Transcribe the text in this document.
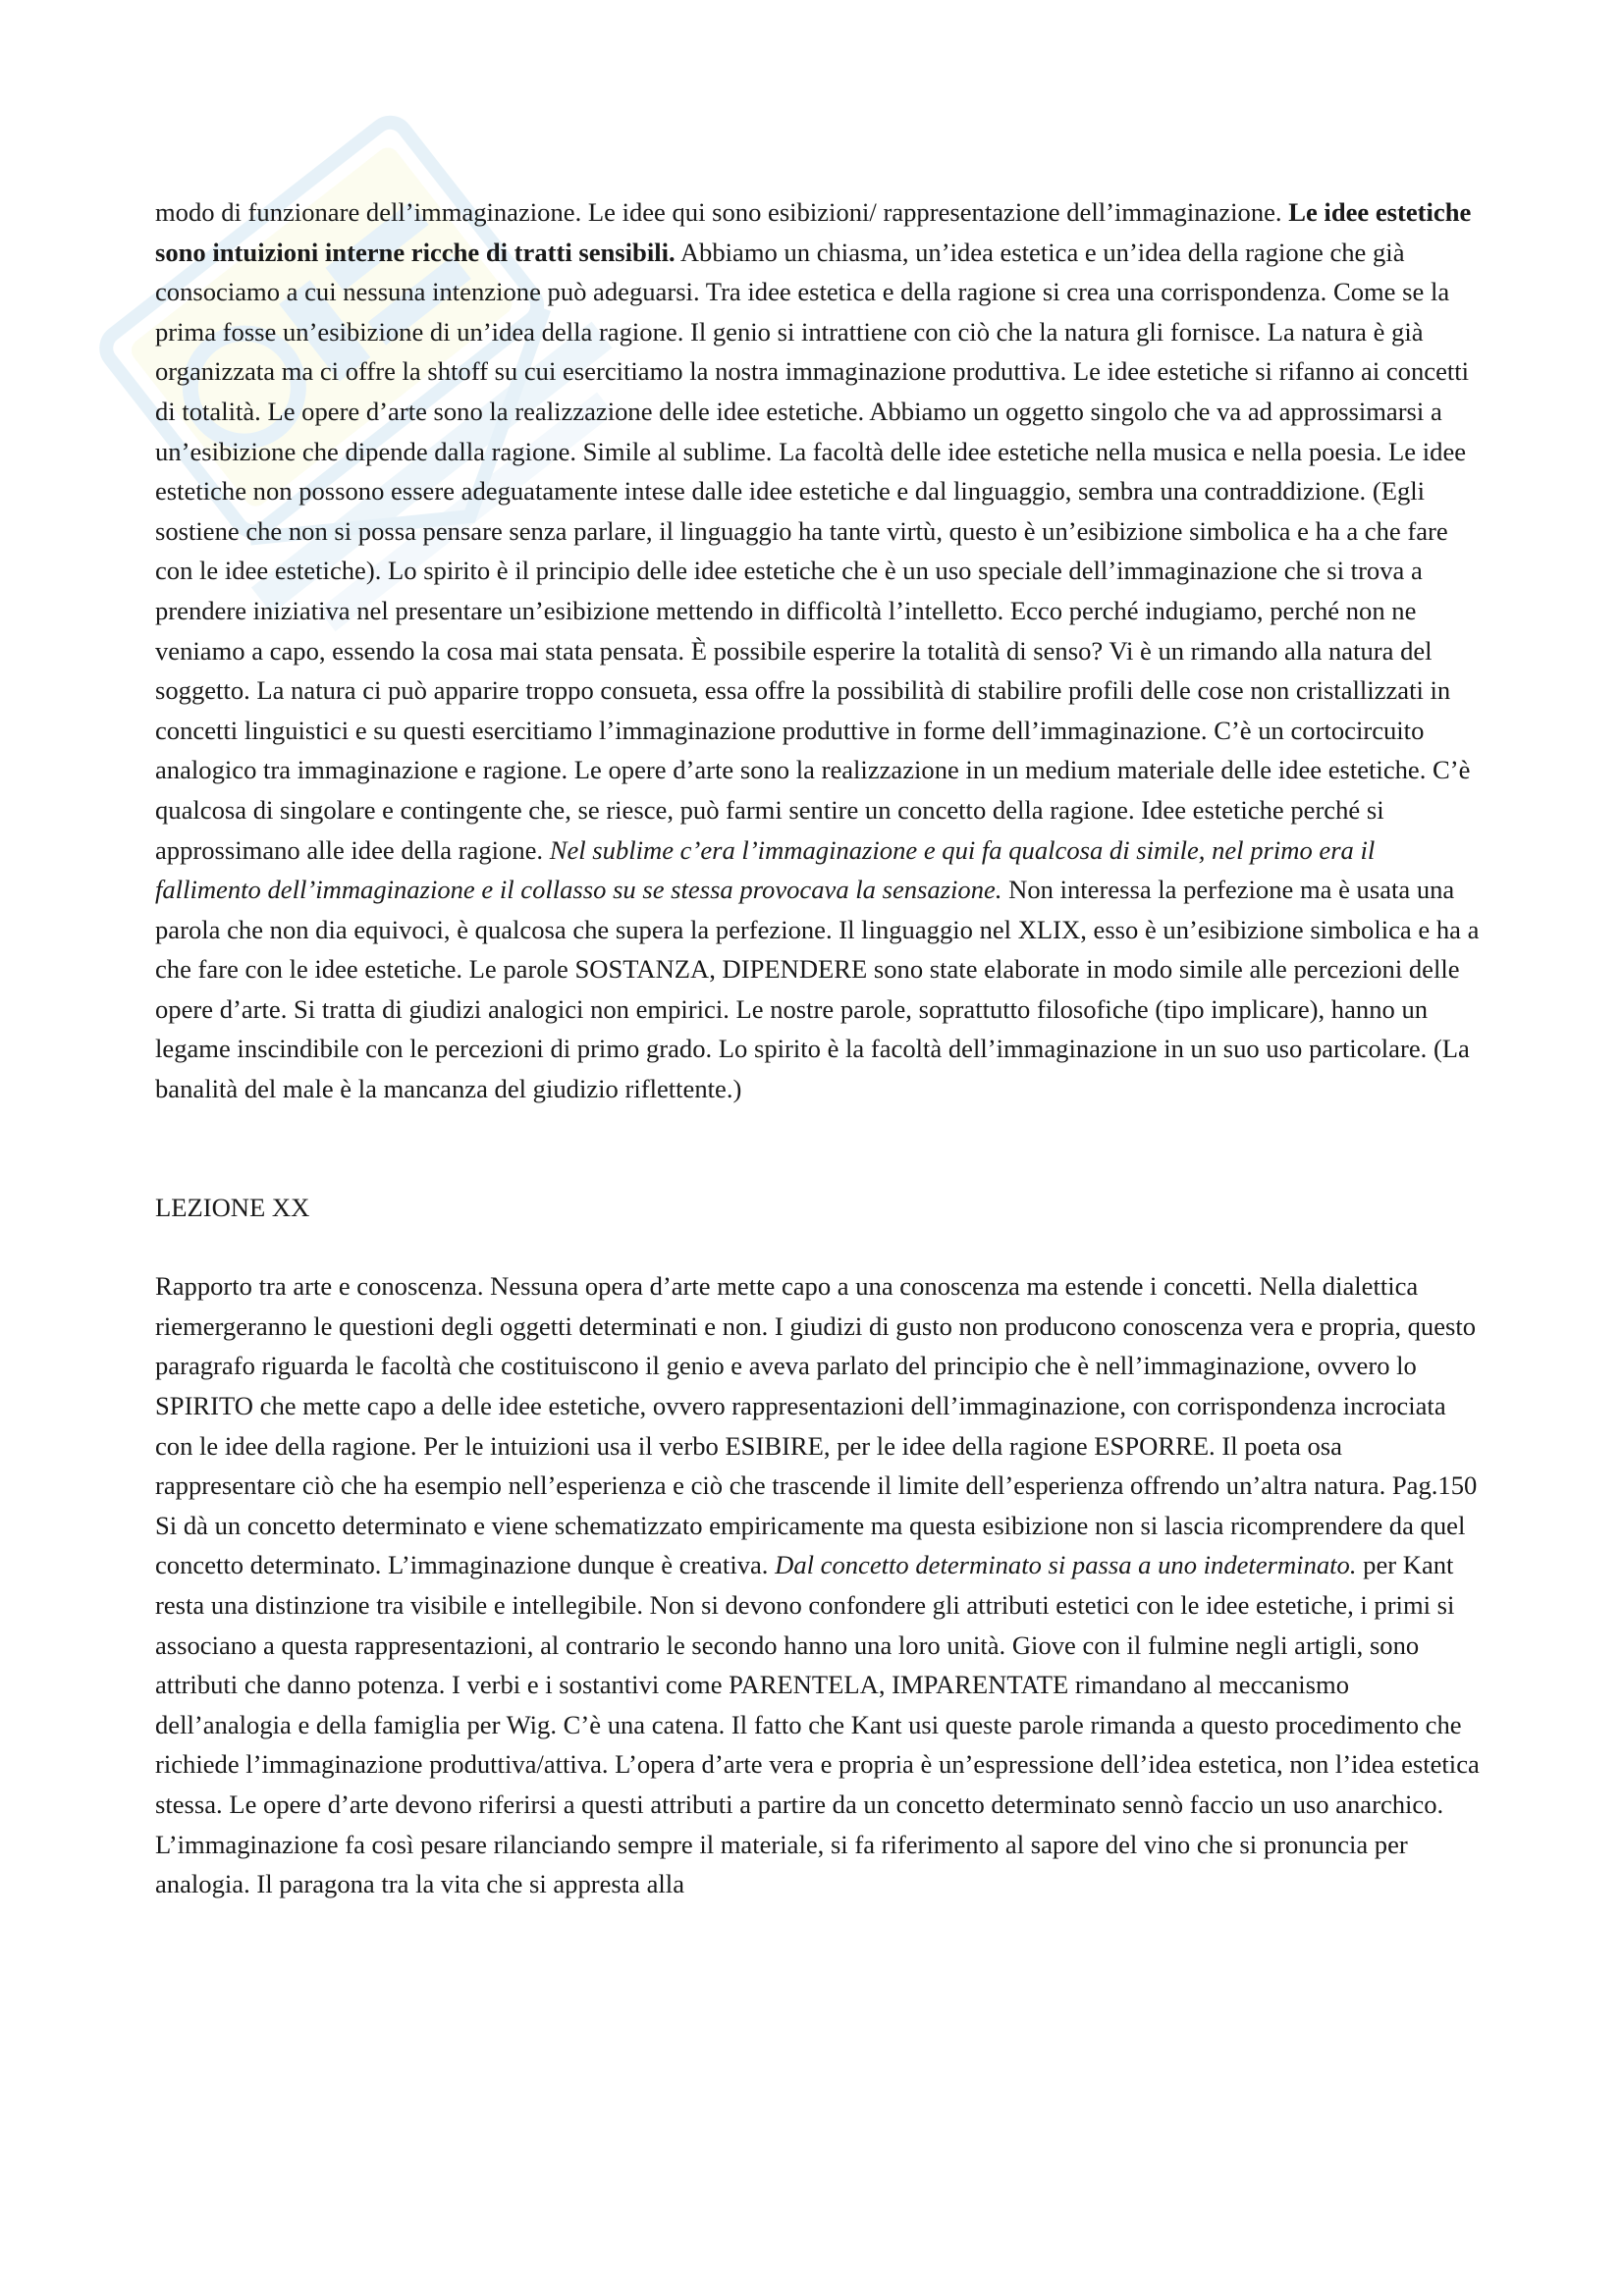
modo di funzionare dell’immaginazione. Le idee qui sono esibizioni/ rappresentazione dell’immaginazione. Le idee estetiche sono intuizioni interne ricche di tratti sensibili. Abbiamo un chiasma, un’idea estetica e un’idea della ragione che già consociamo a cui nessuna intenzione può adeguarsi. Tra idee estetica e della ragione si crea una corrispondenza. Come se la prima fosse un’esibizione di un’idea della ragione. Il genio si intrattiene con ciò che la natura gli fornisce. La natura è già organizzata ma ci offre la shtoff su cui esercitiamo la nostra immaginazione produttiva. Le idee estetiche si rifanno ai concetti di totalità. Le opere d’arte sono la realizzazione delle idee estetiche. Abbiamo un oggetto singolo che va ad approssimarsi a un’esibizione che dipende dalla ragione. Simile al sublime. La facoltà delle idee estetiche nella musica e nella poesia. Le idee estetiche non possono essere adeguatamente intese dalle idee estetiche e dal linguaggio, sembra una contraddizione. (Egli sostiene che non si possa pensare senza parlare, il linguaggio ha tante virtù, questo è un’esibizione simbolica e ha a che fare con le idee estetiche). Lo spirito è il principio delle idee estetiche che è un uso speciale dell’immaginazione che si trova a prendere iniziativa nel presentare un’esibizione mettendo in difficoltà l’intelletto. Ecco perché indugiamo, perché non ne veniamo a capo, essendo la cosa mai stata pensata. È possibile esperire la totalità di senso? Vi è un rimando alla natura del soggetto. La natura ci può apparire troppo consueta, essa offre la possibilità di stabilire profili delle cose non cristallizzati in concetti linguistici e su questi esercitiamo l’immaginazione produttive in forme dell’immaginazione. C’è un cortocircuito analogico tra immaginazione e ragione. Le opere d’arte sono la realizzazione in un medium materiale delle idee estetiche. C’è qualcosa di singolare e contingente che, se riesce, può farmi sentire un concetto della ragione. Idee estetiche perché si approssimano alle idee della ragione. Nel sublime c’era l’immaginazione e qui fa qualcosa di simile, nel primo era il fallimento dell’immaginazione e il collasso su se stessa provocava la sensazione. Non interessa la perfezione ma è usata una parola che non dia equivoci, è qualcosa che supera la perfezione. Il linguaggio nel XLIX, esso è un’esibizione simbolica e ha a che fare con le idee estetiche. Le parole SOSTANZA, DIPENDERE sono state elaborate in modo simile alle percezioni delle opere d’arte. Si tratta di giudizi analogici non empirici. Le nostre parole, soprattutto filosofiche (tipo implicare), hanno un legame inscindibile con le percezioni di primo grado. Lo spirito è la facoltà dell’immaginazione in un suo uso particolare. (La banalità del male è la mancanza del giudizio riflettente.)

LEZIONE XX

Rapporto tra arte e conoscenza. Nessuna opera d’arte mette capo a una conoscenza ma estende i concetti. Nella dialettica riemergeranno le questioni degli oggetti determinati e non. I giudizi di gusto non producono conoscenza vera e propria, questo paragrafo riguarda le facoltà che costituiscono il genio e aveva parlato del principio che è nell’immaginazione, ovvero lo SPIRITO che mette capo a delle idee estetiche, ovvero rappresentazioni dell’immaginazione, con corrispondenza incrociata con le idee della ragione. Per le intuizioni usa il verbo ESIBIRE, per le idee della ragione ESPORRE. Il poeta osa rappresentare ciò che ha esempio nell’esperienza e ciò che trascende il limite dell’esperienza offrendo un’altra natura. Pag.150 Si dà un concetto determinato e viene schematizzato empiricamente ma questa esibizione non si lascia ricomprendere da quel concetto determinato. L’immaginazione dunque è creativa. Dal concetto determinato si passa a uno indeterminato. per Kant resta una distinzione tra visibile e intellegibile. Non si devono confondere gli attributi estetici con le idee estetiche, i primi si associano a questa rappresentazioni, al contrario le secondo hanno una loro unità. Giove con il fulmine negli artigli, sono attributi che danno potenza. I verbi e i sostantivi come PARENTELA, IMPARENTATE rimandano al meccanismo dell’analogia e della famiglia per Wig. C’è una catena. Il fatto che Kant usi queste parole rimanda a questo procedimento che richiede l’immaginazione produttiva/attiva. L’opera d’arte vera e propria è un’espressione dell’idea estetica, non l’idea estetica stessa. Le opere d’arte devono riferirsi a questi attributi a partire da un concetto determinato sennò faccio un uso anarchico. L’immaginazione fa così pesare rilanciando sempre il materiale, si fa riferimento al sapore del vino che si pronuncia per analogia. Il paragona tra la vita che si appresta alla
